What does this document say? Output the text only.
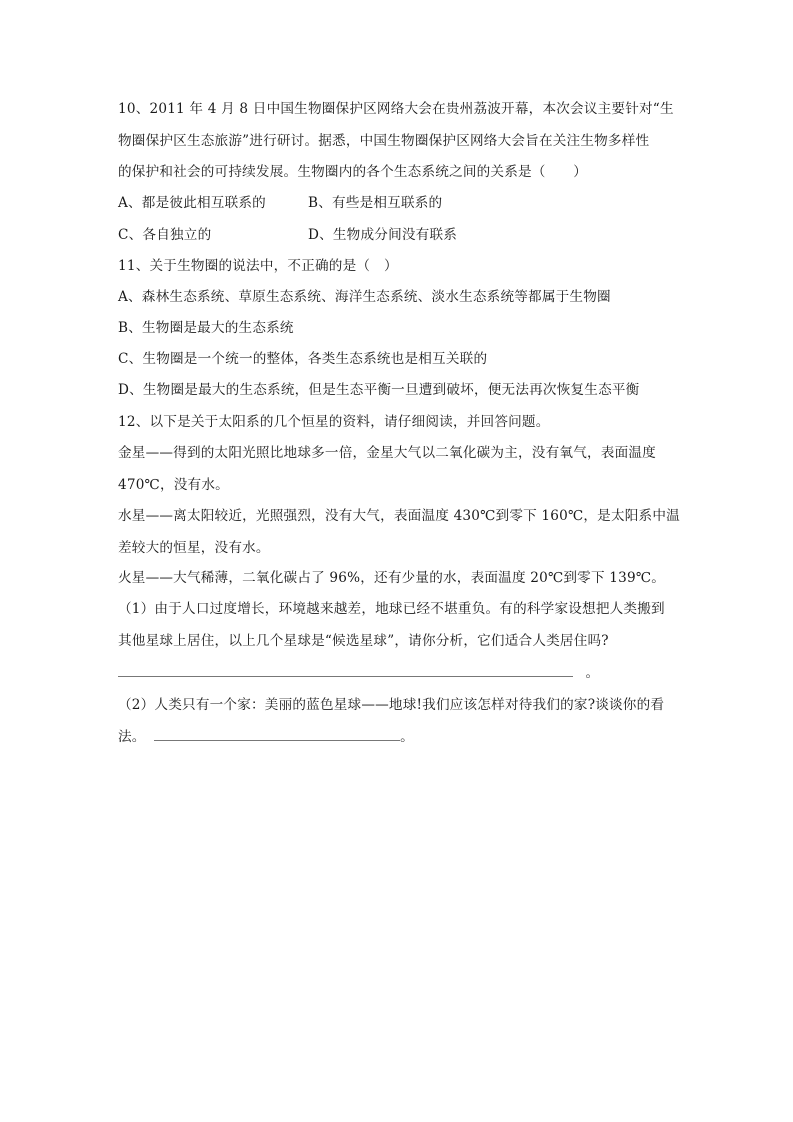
10、2011 年 4 月 8 日中国生物圈保护区网络大会在贵州荔波开幕，本次会议主要针对“生
物圈保护区生态旅游”进行研讨。据悉，中国生物圈保护区网络大会旨在关注生物多样性
的保护和社会的可持续发展。生物圈内的各个生态系统之间的关系是（　　）
A、都是彼此相互联系的	B、有些是相互联系的
C、各自独立的	D、生物成分间没有联系
11、关于生物圈的说法中，不正确的是（　）
A、森林生态系统、草原生态系统、海洋生态系统、淡水生态系统等都属于生物圈
B、生物圈是最大的生态系统
C、生物圈是一个统一的整体，各类生态系统也是相互关联的
D、生物圈是最大的生态系统，但是生态平衡一旦遭到破坏，便无法再次恢复生态平衡
12、以下是关于太阳系的几个恒星的资料，请仔细阅读，并回答问题。
金星——得到的太阳光照比地球多一倍，金星大气以二氧化碳为主，没有氧气，表面温度
470℃，没有水。
水星——离太阳较近，光照强烈，没有大气，表面温度 430℃到零下 160℃，是太阳系中温
差较大的恒星，没有水。
火星——大气稀薄，二氧化碳占了 96%，还有少量的水，表面温度 20℃到零下 139℃。
（1）由于人口过度增长，环境越来越差，地球已经不堪重负。有的科学家设想把人类搬到
其他星球上居住，以上几个星球是“候选星球”，请你分析，它们适合人类居住吗?
。
（2）人类只有一个家：美丽的蓝色星球——地球!我们应该怎样对待我们的家?谈谈你的看
法。	。
